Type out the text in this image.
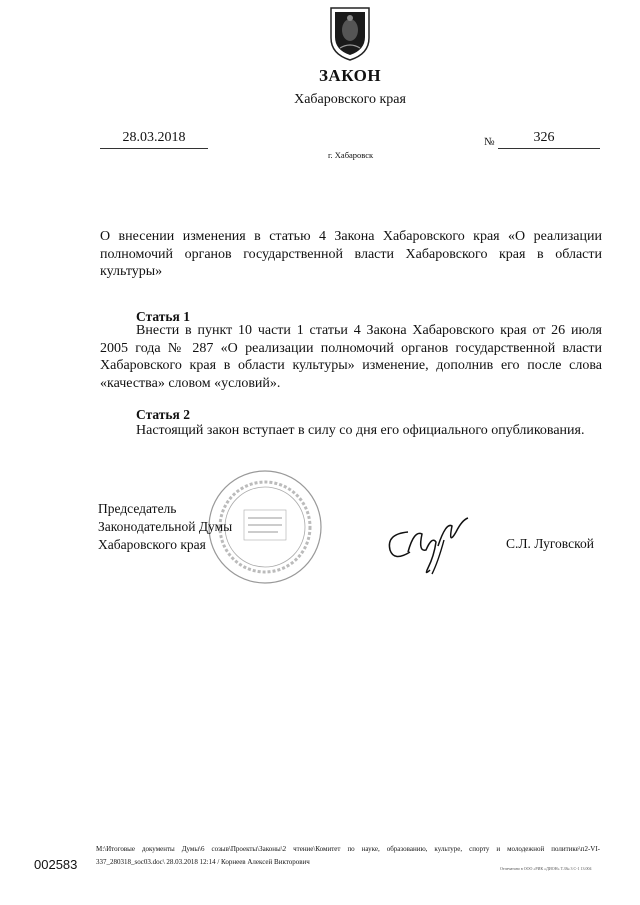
ЗАКОН
Хабаровского края
28.03.2018	№	326
г. Хабаровск
О внесении изменения в статью 4 Закона Хабаровского края «О реализации полномочий органов государственной власти Хабаровского края в области культуры»
Статья 1
Внести в пункт 10 части 1 статьи 4 Закона Хабаровского края от 26 июля 2005 года № 287 «О реализации полномочий органов государственной власти Хабаровского края в области культуры» изменение, дополнив его после слова «качества» словом «условий».
Статья 2
Настоящий закон вступает в силу со дня его официального опубликования.
Председатель
Законодательной Думы
Хабаровского края	С.Л. Луговской
M:\Итоговые документы Думы\6 созыв\Проекты\Законы\2 чтение\Комитет по науке, образованию, культуре, спорту и молодежной политике\п2-VI-337_280318_soc03.doc\ 28.03.2018 12:14 / Корнеев Алексей Викторович
002583	Отпечатано в ООО «РИК «ДИОН» Т.З№ 3 С-1 13.004
